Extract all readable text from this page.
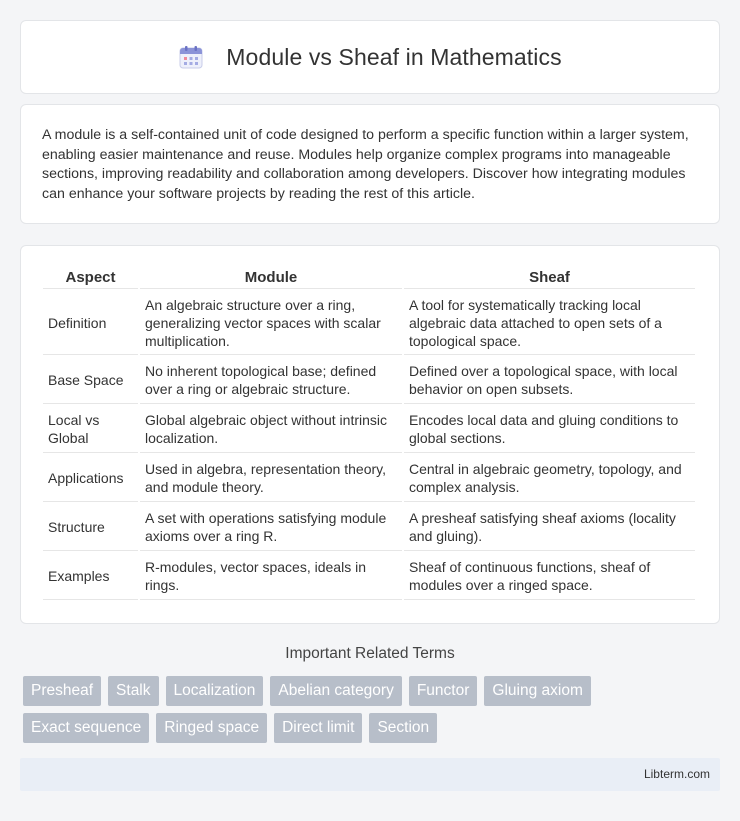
Module vs Sheaf in Mathematics

A module is a self-contained unit of code designed to perform a specific function within a larger system, enabling easier maintenance and reuse. Modules help organize complex programs into manageable sections, improving readability and collaboration among developers. Discover how integrating modules can enhance your software projects by reading the rest of this article.

Aspect	Module	Sheaf
Definition	An algebraic structure over a ring, generalizing vector spaces with scalar multiplication.	A tool for systematically tracking local algebraic data attached to open sets of a topological space.
Base Space	No inherent topological base; defined over a ring or algebraic structure.	Defined over a topological space, with local behavior on open subsets.
Local vs Global	Global algebraic object without intrinsic localization.	Encodes local data and gluing conditions to global sections.
Applications	Used in algebra, representation theory, and module theory.	Central in algebraic geometry, topology, and complex analysis.
Structure	A set with operations satisfying module axioms over a ring R.	A presheaf satisfying sheaf axioms (locality and gluing).
Examples	R-modules, vector spaces, ideals in rings.	Sheaf of continuous functions, sheaf of modules over a ringed space.
Important Related Terms
Presheaf	Stalk	Localization	Abelian category	Functor	Gluing axiom
Exact sequence	Ringed space	Direct limit	Section
Libterm.com
